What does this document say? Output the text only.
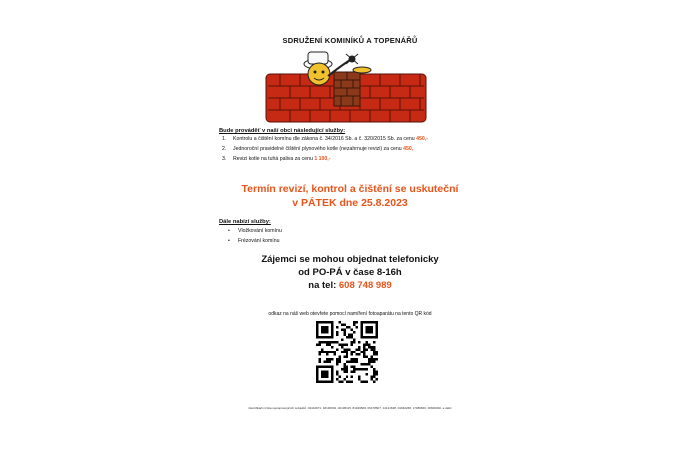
SDRUŽENÍ KOMINÍKŮ A TOPENÁŘŮ
Bude prováděť v naší obci následující služby:
1. Kontrolu a čištění komínu dle zákona č. 34/2016 Sb. a č. 320/2015 Sb. za cenu 450,-
2. Jednoroční pravidelné čištění plynového kotle (nezahrnuje revizi) za cenu 450,
3. Revizi kotle na tuhá paliva za cenu 1 100,-
Termín revizí, kontrol a čištění se uskuteční
v PÁTEK dne 25.8.2023
Dále nabízí služby:
• Vložkování komínu
• Frézování komínu
Zájemci se mohou objednat telefonicky
od PO-PÁ v čase 8-16h
na tel: 608 748 989
odkaz na náš web otevřete pomocí namíření fotoaparátu na tento QR kód
Identifikační čísla spolupracujících subjektů: 04444971, 18130604, 02138115, 81049508, 06178607, 14121638, 04462268, 17086846, 06609030, a další
